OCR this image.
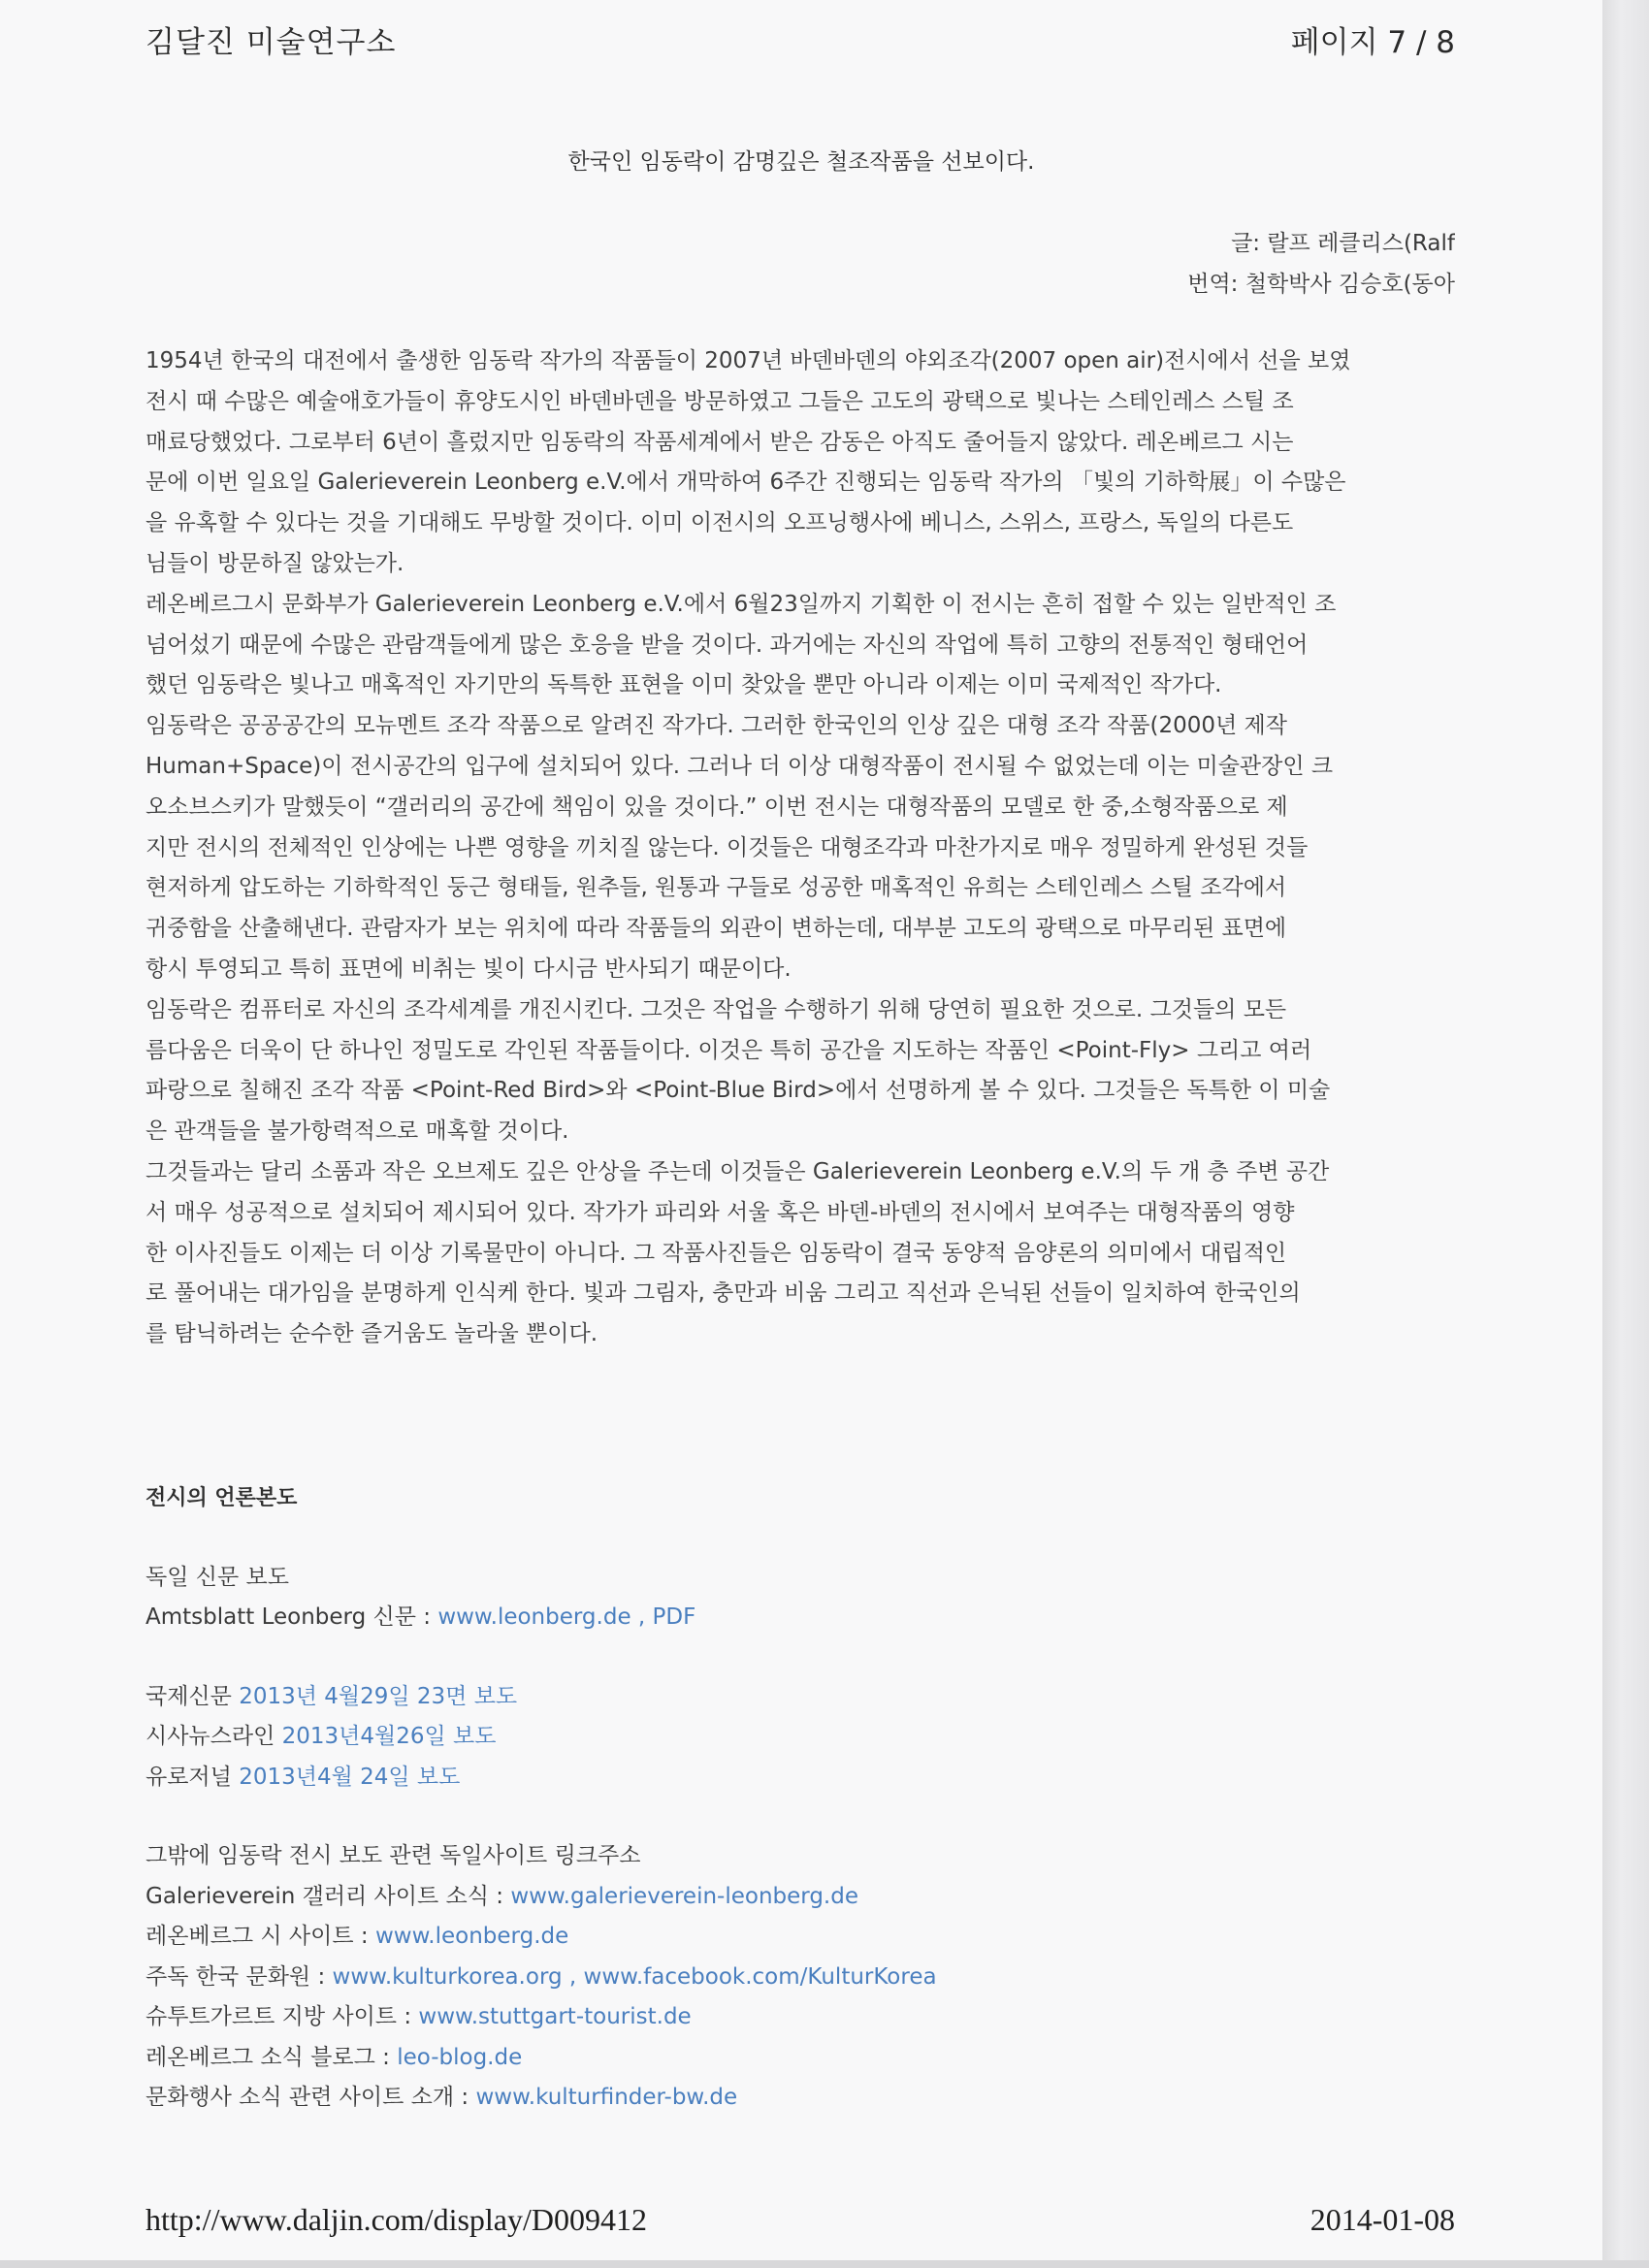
김달진 미술연구소	페이지 7 / 8
한국인 임동락이 감명깊은 철조작품을 선보이다.
글: 랄프 레클리스(Ralf
번역: 철학박사 김승호(동아
1954년 한국의 대전에서 출생한 임동락 작가의 작품들이 2007년 바덴바덴의 야외조각(2007 open air)전시에서 선을 보였
전시 때 수많은 예술애호가들이 휴양도시인 바덴바덴을 방문하였고 그들은 고도의 광택으로 빛나는 스테인레스 스틸 조
매료당했었다. 그로부터 6년이 흘렀지만 임동락의 작품세계에서 받은 감동은 아직도 줄어들지 않았다. 레온베르그 시는
문에 이번 일요일 Galerieverein Leonberg e.V.에서 개막하여 6주간 진행되는 임동락 작가의 「빛의 기하학展」이 수많은
을 유혹할 수 있다는 것을 기대해도 무방할 것이다. 이미 이전시의 오프닝행사에 베니스, 스위스, 프랑스, 독일의 다른도
님들이 방문하질 않았는가.
레온베르그시 문화부가 Galerieverein Leonberg e.V.에서 6월23일까지 기획한 이 전시는 흔히 접할 수 있는 일반적인 조
넘어섰기 때문에 수많은 관람객들에게 많은 호응을 받을 것이다. 과거에는 자신의 작업에 특히 고향의 전통적인 형태언어
했던 임동락은 빛나고 매혹적인 자기만의 독특한 표현을 이미 찾았을 뿐만 아니라 이제는 이미 국제적인 작가다.
임동락은 공공공간의 모뉴멘트 조각 작품으로 알려진 작가다. 그러한 한국인의 인상 깊은 대형 조각 작품(2000년 제작
Human+Space)이 전시공간의 입구에 설치되어 있다. 그러나 더 이상 대형작품이 전시될 수 없었는데 이는 미술관장인 크
오소브스키가 말했듯이 “갤러리의 공간에 책임이 있을 것이다.” 이번 전시는 대형작품의 모델로 한 중,소형작품으로 제
지만 전시의 전체적인 인상에는 나쁜 영향을 끼치질 않는다. 이것들은 대형조각과 마찬가지로 매우 정밀하게 완성된 것들
현저하게 압도하는 기하학적인 둥근 형태들, 원추들, 원통과 구들로 성공한 매혹적인 유희는 스테인레스 스틸 조각에서
귀중함을 산출해낸다. 관람자가 보는 위치에 따라 작품들의 외관이 변하는데, 대부분 고도의 광택으로 마무리된 표면에
항시 투영되고 특히 표면에 비취는 빛이 다시금 반사되기 때문이다.
임동락은 컴퓨터로 자신의 조각세계를 개진시킨다. 그것은 작업을 수행하기 위해 당연히 필요한 것으로. 그것들의 모든
름다움은 더욱이 단 하나인 정밀도로 각인된 작품들이다. 이것은 특히 공간을 지도하는 작품인 <Point-Fly> 그리고 여러
파랑으로 칠해진 조각 작품 <Point-Red Bird>와 <Point-Blue Bird>에서 선명하게 볼 수 있다. 그것들은 독특한 이 미술
은 관객들을 불가항력적으로 매혹할 것이다.
그것들과는 달리 소품과 작은 오브제도 깊은 안상을 주는데 이것들은 Galerieverein Leonberg e.V.의 두 개 층 주변 공간
서 매우 성공적으로 설치되어 제시되어 있다. 작가가 파리와 서울 혹은 바덴-바덴의 전시에서 보여주는 대형작품의 영향
한 이사진들도 이제는 더 이상 기록물만이 아니다. 그 작품사진들은 임동락이 결국 동양적 음양론의 의미에서 대립적인
로 풀어내는 대가임을 분명하게 인식케 한다. 빛과 그림자, 충만과 비움 그리고 직선과 은닉된 선들이 일치하여 한국인의
를 탐닉하려는 순수한 즐거움도 놀라울 뿐이다.
전시의 언론본도
독일 신문 보도
Amtsblatt Leonberg 신문 : www.leonberg.de , PDF
국제신문 2013년 4월29일 23면 보도
시사뉴스라인 2013년4월26일 보도
유로저널 2013년4월 24일 보도
그밖에 임동락 전시 보도 관련 독일사이트 링크주소
Galerieverein 갤러리 사이트 소식 : www.galerieverein-leonberg.de
레온베르그 시 사이트 : www.leonberg.de
주독 한국 문화원 : www.kulturkorea.org , www.facebook.com/KulturKorea
슈투트가르트 지방 사이트 : www.stuttgart-tourist.de
레온베르그 소식 블로그 : leo-blog.de
문화행사 소식 관련 사이트 소개 : www.kulturfinder-bw.de
http://www.daljin.com/display/D009412	2014-01-08
